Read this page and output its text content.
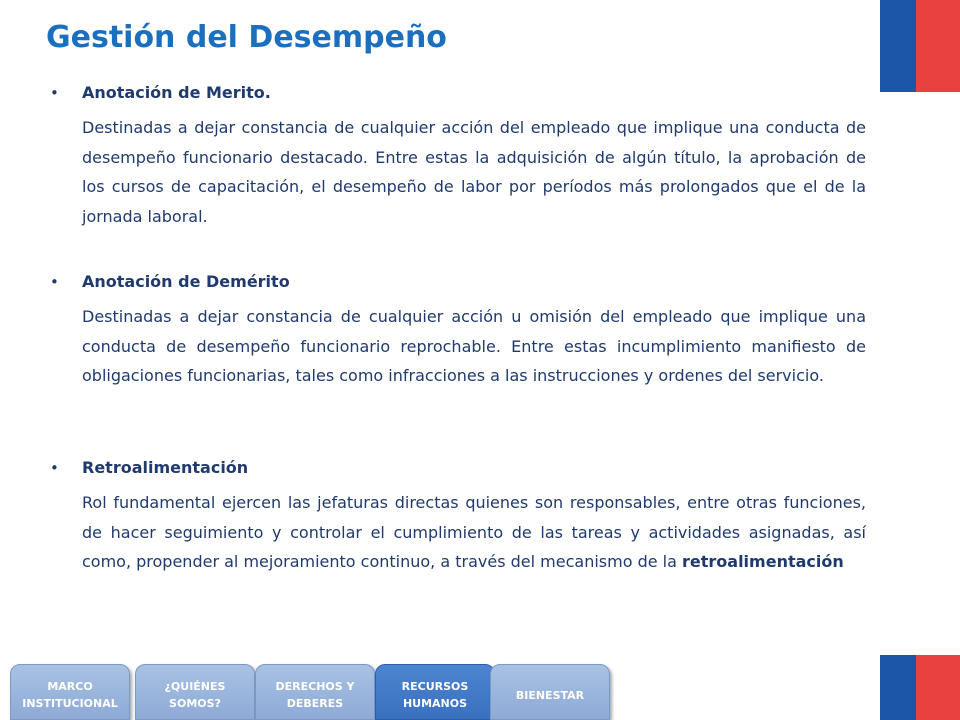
Gestión del Desempeño
• Anotación de Merito.

Destinadas a dejar constancia de cualquier acción del empleado que implique una conducta de desempeño funcionario destacado. Entre estas la adquisición de algún título, la aprobación de los cursos de capacitación, el desempeño de labor por períodos más prolongados que el de la jornada laboral.

• Anotación de Demérito

Destinadas a dejar constancia de cualquier acción u omisión del empleado que implique una conducta de desempeño funcionario reprochable. Entre estas incumplimiento manifiesto de obligaciones funcionarias, tales como infracciones a las instrucciones y ordenes del servicio.

• Retroalimentación

Rol fundamental ejercen las jefaturas directas quienes son responsables, entre otras funciones, de hacer seguimiento y controlar el cumplimiento de las tareas y actividades asignadas, así como, propender al mejoramiento continuo, a través del mecanismo de la retroalimentación

MARCO
INSTITUCIONAL
¿QUIÉNES
SOMOS?
DERECHOS Y
DEBERES
RECURSOS
HUMANOS
BIENESTAR
